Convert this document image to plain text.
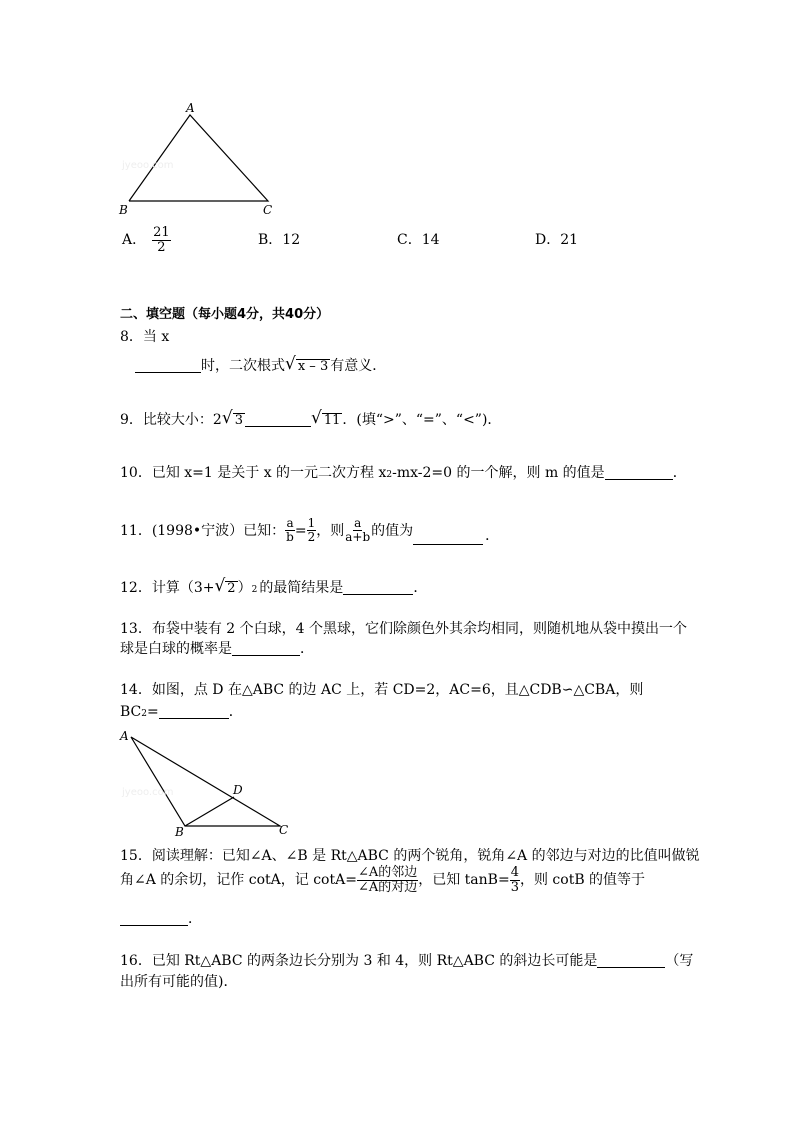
A
B	C
jyeoo.com
A． $\frac{21}{2}$	B．12	C．14	D．21
二、填空题（每小题4分，共40分）
8．当 x
时，二次根式 √ x – 3 有意义．
9．比较大小： 2 √ 3	√ 11 ．(填“>”、“=”、“<”)．
10．已知 x=1 是关于 x 的一元二次方程 x 2 -mx-2=0 的一个解，则 m 的值是	．
11．(1998•宁波）已知： $\frac{a}{b} = \frac{1}{2}$ ，则 $\frac{a}{a+b}$ 的值为	．
12．计算（3+ √ 2 ） 2 的最简结果是	．
13．布袋中装有 2 个白球，4 个黑球，它们除颜色外其余均相同，则随机地从袋中摸出一个
球是白球的概率是	．
14．如图，点 D 在△ABC 的边 AC 上，若 CD=2，AC=6，且△CDB∽△CBA，则
BC 2 =	．
A
D
B	C
jyeoo.com
15．阅读理解：已知∠A、∠B 是 Rt△ABC 的两个锐角，锐角∠A 的邻边与对边的比值叫做锐
角∠A 的余切，记作 cotA，记 $\cot A= \frac{\text{∠A的邻边}}{\text{∠A的对边}}$ ，已知 $\tan B= \frac{4}{3}$ ，则 cotB 的值等于
．
16．已知 Rt△ABC 的两条边长分别为 3 和 4，则 Rt△ABC 的斜边长可能是	（写
出所有可能的值)．
